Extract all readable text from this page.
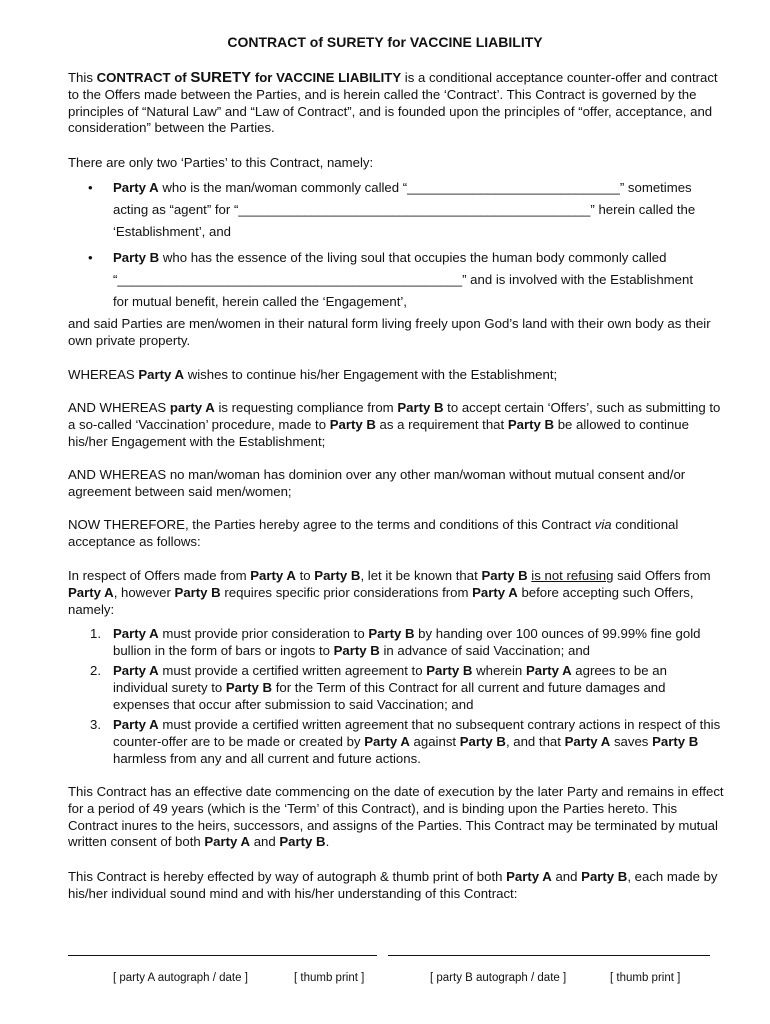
CONTRACT of SURETY for VACCINE LIABILITY

This CONTRACT of SURETY for VACCINE LIABILITY is a conditional acceptance counter-offer and contract to the Offers made between the Parties, and is herein called the ‘Contract’. This Contract is governed by the principles of “Natural Law” and “Law of Contract”, and is founded upon the principles of “offer, acceptance, and consideration” between the Parties.

There are only two ‘Parties’ to this Contract, namely:

• Party A who is the man/woman commonly called “_____________________________” sometimes
acting as “agent” for “________________________________________________” herein called the
‘Establishment’, and
• Party B who has the essence of the living soul that occupies the human body commonly called
“_______________________________________________” and is involved with the Establishment
for mutual benefit, herein called the ‘Engagement’,

and said Parties are men/women in their natural form living freely upon God’s land with their own body as their own private property.

WHEREAS Party A wishes to continue his/her Engagement with the Establishment;

AND WHEREAS party A is requesting compliance from Party B to accept certain ‘Offers’, such as submitting to a so-called ‘Vaccination’ procedure, made to Party B as a requirement that Party B be allowed to continue his/her Engagement with the Establishment;

AND WHEREAS no man/woman has dominion over any other man/woman without mutual consent and/or agreement between said men/women;

NOW THEREFORE, the Parties hereby agree to the terms and conditions of this Contract via conditional acceptance as follows:

In respect of Offers made from Party A to Party B, let it be known that Party B is not refusing said Offers from Party A, however Party B requires specific prior considerations from Party A before accepting such Offers, namely:

1. Party A must provide prior consideration to Party B by handing over 100 ounces of 99.99% fine gold bullion in the form of bars or ingots to Party B in advance of said Vaccination; and

2. Party A must provide a certified written agreement to Party B wherein Party A agrees to be an individual surety to Party B for the Term of this Contract for all current and future damages and expenses that occur after submission to said Vaccination; and

3. Party A must provide a certified written agreement that no subsequent contrary actions in respect of this counter-offer are to be made or created by Party A against Party B, and that Party A saves Party B harmless from any and all current and future actions.

This Contract has an effective date commencing on the date of execution by the later Party and remains in effect for a period of 49 years (which is the ‘Term’ of this Contract), and is binding upon the Parties hereto. This Contract inures to the heirs, successors, and assigns of the Parties. This Contract may be terminated by mutual written consent of both Party A and Party B.

This Contract is hereby effected by way of autograph & thumb print of both Party A and Party B, each made by his/her individual sound mind and with his/her understanding of this Contract:

[ party A autograph / date ]	[ thumb print ]	[ party B autograph / date ]	[ thumb print ]
